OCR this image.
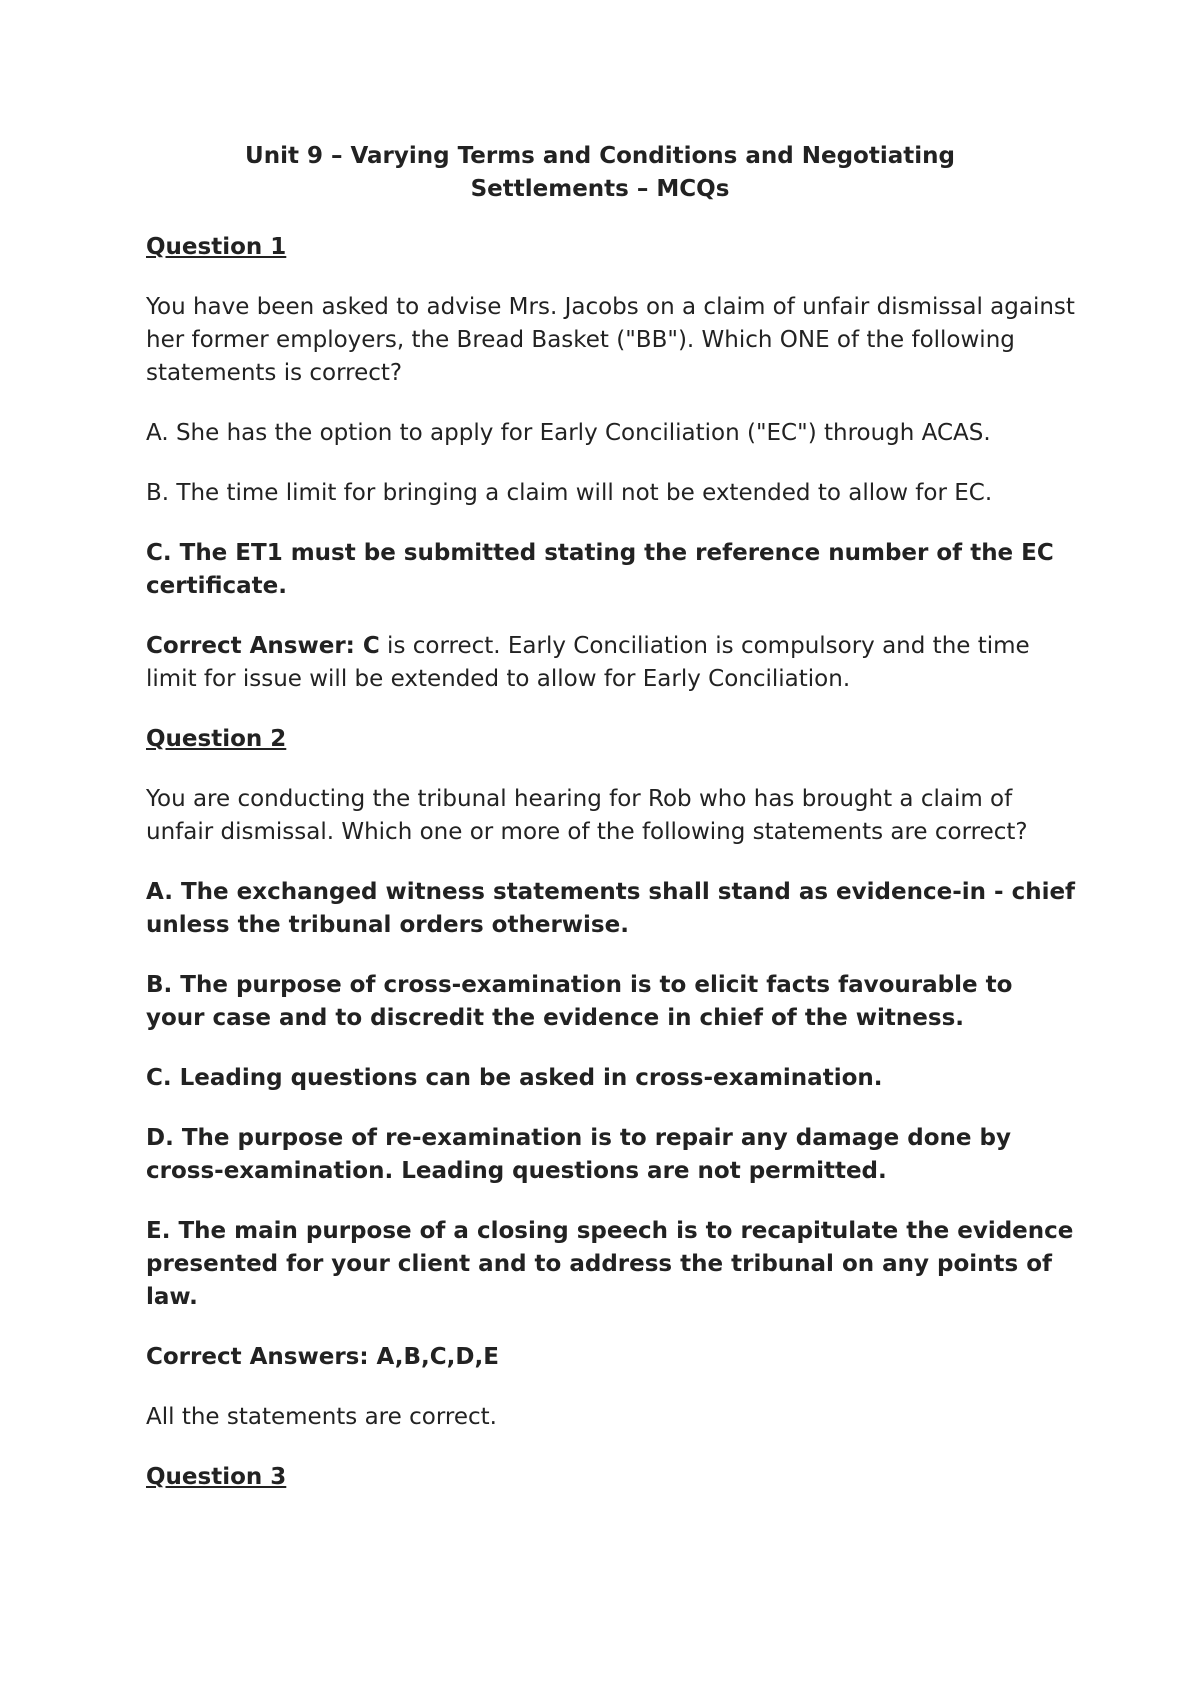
Unit 9 – Varying Terms and Conditions and Negotiating
Settlements – MCQs
Question 1

You have been asked to advise Mrs. Jacobs on a claim of unfair dismissal against her former employers, the Bread Basket ("BB"). Which ONE of the following statements is correct?

A. She has the option to apply for Early Conciliation ("EC") through ACAS.

B. The time limit for bringing a claim will not be extended to allow for EC.

C. The ET1 must be submitted stating the reference number of the EC certificate.

Correct Answer: C is correct. Early Conciliation is compulsory and the time limit for issue will be extended to allow for Early Conciliation.

Question 2

You are conducting the tribunal hearing for Rob who has brought a claim of unfair dismissal. Which one or more of the following statements are correct?

A. The exchanged witness statements shall stand as evidence-in - chief unless the tribunal orders otherwise.

B. The purpose of cross-examination is to elicit facts favourable to your case and to discredit the evidence in chief of the witness.

C. Leading questions can be asked in cross-examination.

D. The purpose of re-examination is to repair any damage done by cross-examination. Leading questions are not permitted.

E. The main purpose of a closing speech is to recapitulate the evidence presented for your client and to address the tribunal on any points of law.

Correct Answers: A,B,C,D,E

All the statements are correct.

Question 3
